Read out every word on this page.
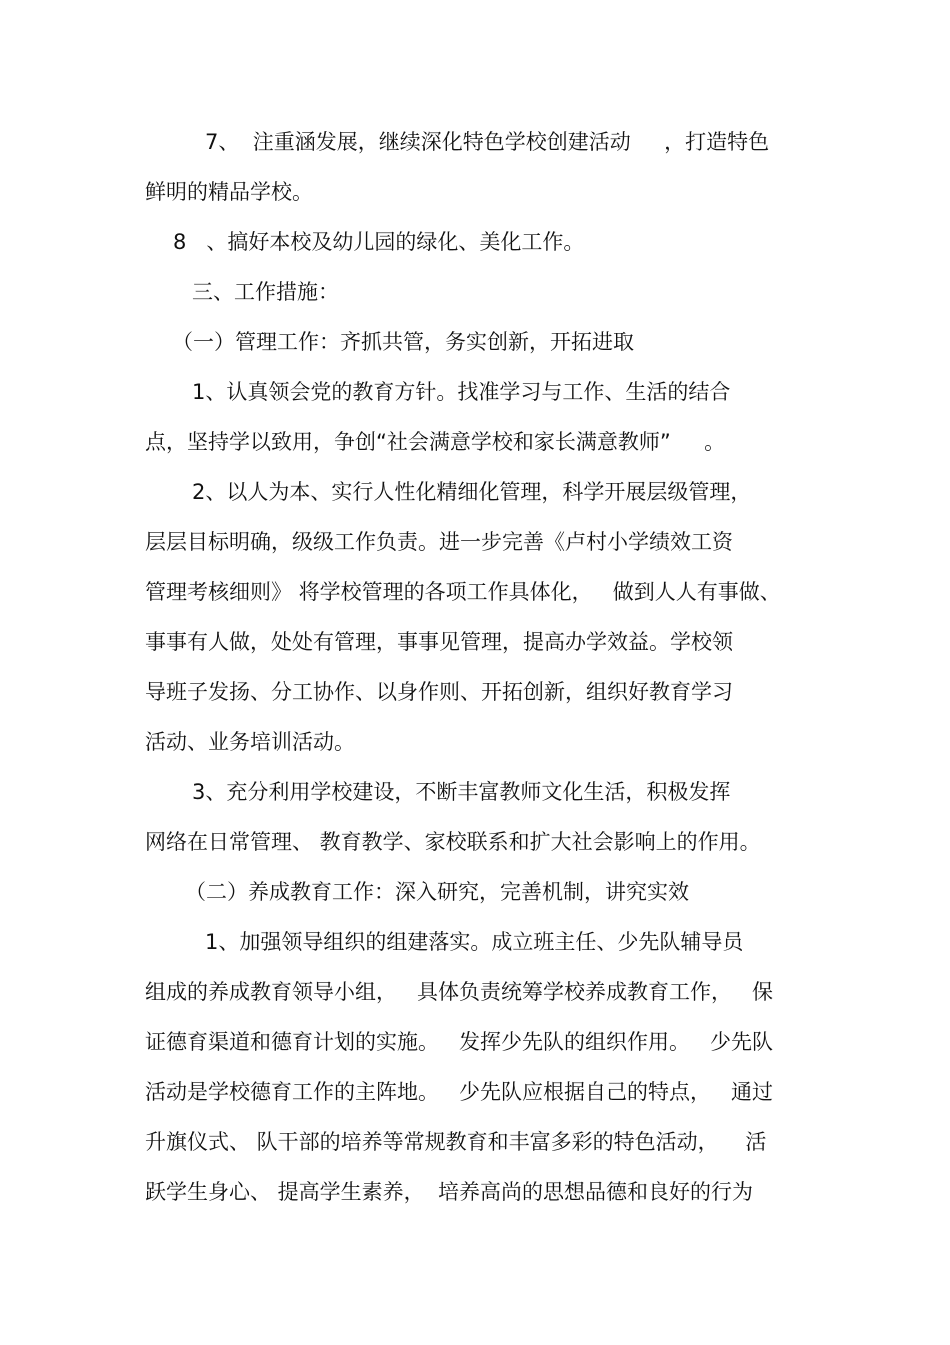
7、  注重涵发展，继续深化特色学校创建活动     ，打造特色
鲜明的精品学校。
8   、搞好本校及幼儿园的绿化、美化工作。
三、工作措施：
（一）管理工作：齐抓共管，务实创新，开拓进取
1、认真领会党的教育方针。找准学习与工作、生活的结合
点，坚持学以致用，争创“社会满意学校和家长满意教师”     。
2、以人为本、实行人性化精细化管理，科学开展层级管理，
层层目标明确，级级工作负责。进一步完善《卢村小学绩效工资
管理考核细则》 将学校管理的各项工作具体化，   做到人人有事做、
事事有人做，处处有管理，事事见管理，提高办学效益。学校领
导班子发扬、分工协作、以身作则、开拓创新，组织好教育学习
活动、业务培训活动。
3、充分利用学校建设，不断丰富教师文化生活，积极发挥
网络在日常管理、 教育教学、家校联系和扩大社会影响上的作用。
（二）养成教育工作：深入研究，完善机制，讲究实效
1、加强领导组织的组建落实。成立班主任、少先队辅导员
组成的养成教育领导小组，   具体负责统筹学校养成教育工作，   保
证德育渠道和德育计划的实施。   发挥少先队的组织作用。   少先队
活动是学校德育工作的主阵地。   少先队应根据自己的特点，   通过
升旗仪式、 队干部的培养等常规教育和丰富多彩的特色活动，    活
跃学生身心、 提高学生素养，  培养高尚的思想品德和良好的行为
